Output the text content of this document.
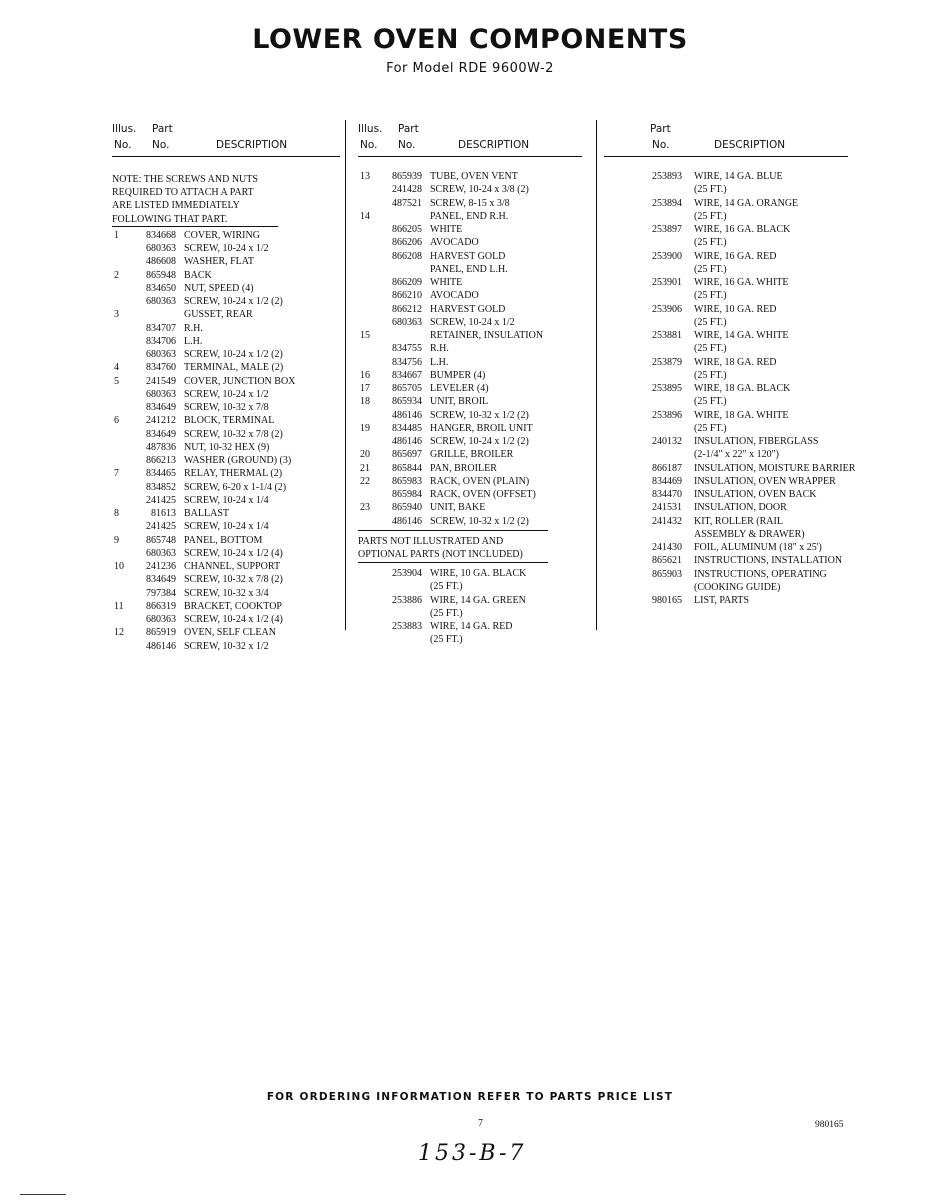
LOWER OVEN COMPONENTS
For Model RDE 9600W-2
Illus. Part
No. No.	DESCRIPTION
NOTE: THE SCREWS AND NUTS
REQUIRED TO ATTACH A PART
ARE LISTED IMMEDIATELY
FOLLOWING THAT PART.
1	834668 COVER, WIRING
680363 SCREW, 10-24 x 1/2
486608 WASHER, FLAT
2	865948 BACK
834650 NUT, SPEED (4)
680363 SCREW, 10-24 x 1/2 (2)
3	GUSSET, REAR
834707 R.H.
834706 L.H.
680363 SCREW, 10-24 x 1/2 (2)
4	834760 TERMINAL, MALE (2)
5	241549 COVER, JUNCTION BOX
680363 SCREW, 10-24 x 1/2
834649 SCREW, 10-32 x 7/8
6	241212 BLOCK, TERMINAL
834649 SCREW, 10-32 x 7/8 (2)
487836 NUT, 10-32 HEX (9)
866213 WASHER (GROUND) (3)
7	834465 RELAY, THERMAL (2)
834852 SCREW, 6-20 x 1-1/4 (2)
241425 SCREW, 10-24 x 1/4
8	81613 BALLAST
241425 SCREW, 10-24 x 1/4
9	865748 PANEL, BOTTOM
680363 SCREW, 10-24 x 1/2 (4)
10	241236 CHANNEL, SUPPORT
834649 SCREW, 10-32 x 7/8 (2)
797384 SCREW, 10-32 x 3/4
11	866319 BRACKET, COOKTOP
680363 SCREW, 10-24 x 1/2 (4)
12	865919 OVEN, SELF CLEAN
486146 SCREW, 10-32 x 1/2
Illus. Part
No. No.	DESCRIPTION
13	865939 TUBE, OVEN VENT
241428 SCREW, 10-24 x 3/8 (2)
487521 SCREW, 8-15 x 3/8
14	PANEL, END R.H.
866205 WHITE
866206 AVOCADO
866208 HARVEST GOLD
PANEL, END L.H.
866209 WHITE
866210 AVOCADO
866212 HARVEST GOLD
680363 SCREW, 10-24 x 1/2
15	RETAINER, INSULATION
834755 R.H.
834756 L.H.
16	834667 BUMPER (4)
17	865705 LEVELER (4)
18	865934 UNIT, BROIL
486146 SCREW, 10-32 x 1/2 (2)
19	834485 HANGER, BROIL UNIT
486146 SCREW, 10-24 x 1/2 (2)
20	865697 GRILLE, BROILER
21	865844 PAN, BROILER
22	865983 RACK, OVEN (PLAIN)
865984 RACK, OVEN (OFFSET)
23	865940 UNIT, BAKE
486146 SCREW, 10-32 x 1/2 (2)
PARTS NOT ILLUSTRATED AND
OPTIONAL PARTS (NOT INCLUDED)
253904 WIRE, 10 GA. BLACK
(25 FT.)
253886 WIRE, 14 GA. GREEN
(25 FT.)
253883 WIRE, 14 GA. RED
(25 FT.)
Part
No.	DESCRIPTION
253893 WIRE, 14 GA. BLUE
(25 FT.)
253894 WIRE, 14 GA. ORANGE
(25 FT.)
253897 WIRE, 16 GA. BLACK
(25 FT.)
253900 WIRE, 16 GA. RED
(25 FT.)
253901 WIRE, 16 GA. WHITE
(25 FT.)
253906 WIRE, 10 GA. RED
(25 FT.)
253881 WIRE, 14 GA. WHITE
(25 FT.)
253879 WIRE, 18 GA. RED
(25 FT.)
253895 WIRE, 18 GA. BLACK
(25 FT.)
253896 WIRE, 18 GA. WHITE
(25 FT.)
240132 INSULATION, FIBERGLASS
(2-1/4" x 22" x 120")
866187 INSULATION, MOISTURE BARRIER
834469 INSULATION, OVEN WRAPPER
834470 INSULATION, OVEN BACK
241531 INSULATION, DOOR
241432 KIT, ROLLER (RAIL
ASSEMBLY & DRAWER)
241430 FOIL, ALUMINUM (18" x 25')
865621 INSTRUCTIONS, INSTALLATION
865903 INSTRUCTIONS, OPERATING
(COOKING GUIDE)
980165 LIST, PARTS
FOR ORDERING INFORMATION REFER TO PARTS PRICE LIST
7	980165
153-B-7
